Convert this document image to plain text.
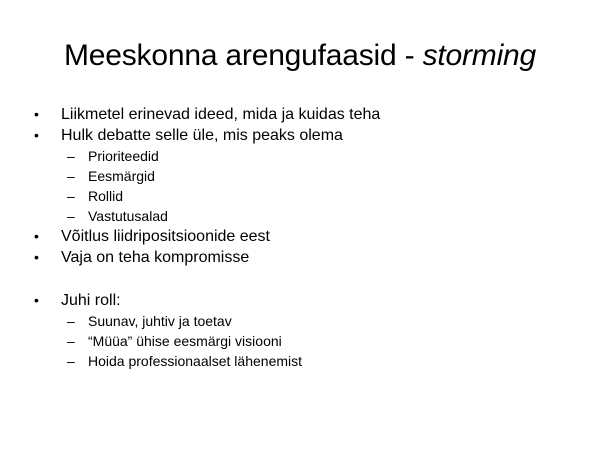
Meeskonna arengufaasid - storming
• Liikmetel erinevad ideed, mida ja kuidas teha
• Hulk debatte selle üle, mis peaks olema
– Prioriteedid
– Eesmärgid
– Rollid
– Vastutusalad
• Võitlus liidripositsioonide eest
• Vaja on teha kompromisse
• Juhi roll:
– Suunav, juhtiv ja toetav
– “Müüa” ühise eesmärgi visiooni
– Hoida professionaalset lähenemist
